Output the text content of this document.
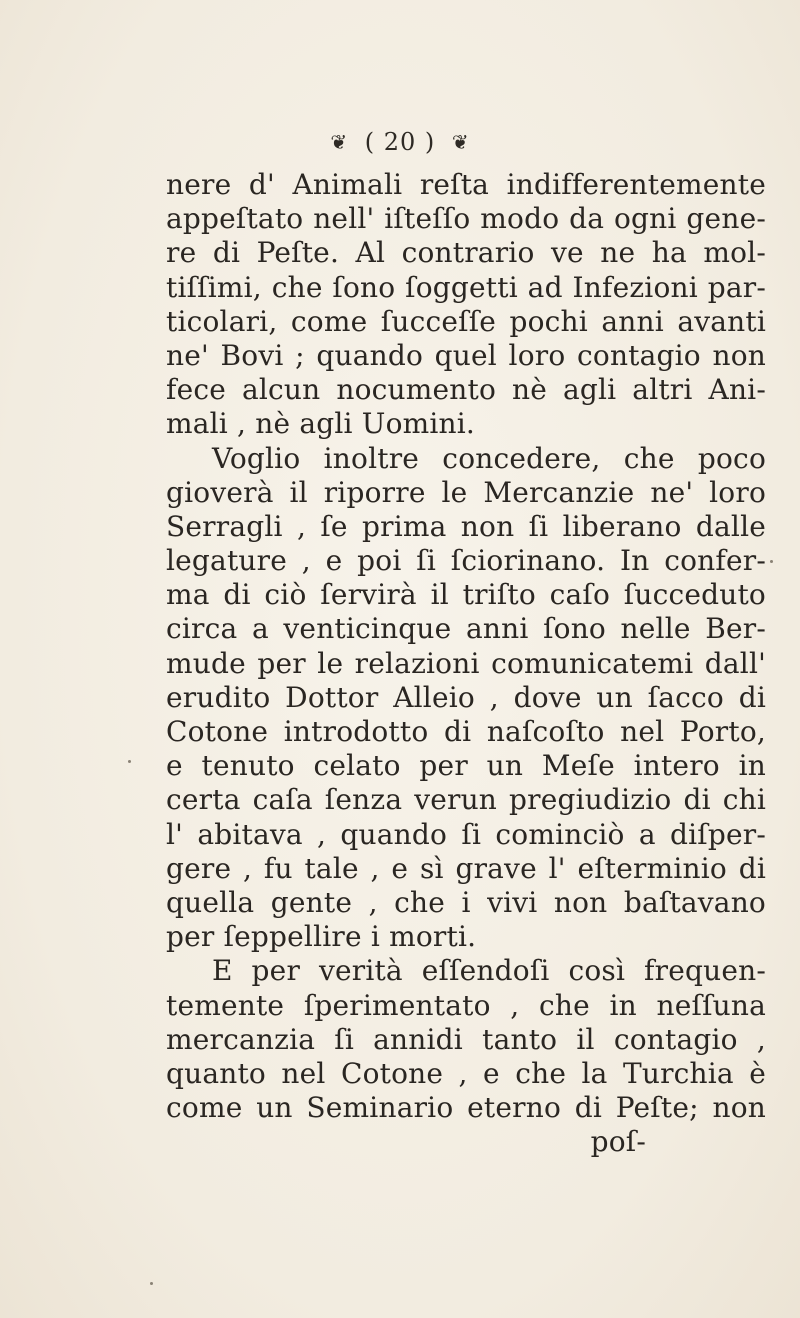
❦ ( 20 ) ❦
nere d' Animali reſta indifferentemente
appeſtato nell' iſteſſo modo da ogni gene-
re di Peſte. Al contrario ve ne ha mol-
tiſſimi, che ſono ſoggetti ad Infezioni par-
ticolari, come ſucceſſe pochi anni avanti
ne' Bovi ; quando quel loro contagio non
fece alcun nocumento nè agli altri Ani-
mali , nè agli Uomini.
Voglio inoltre concedere, che poco
gioverà il riporre le Mercanzie ne' loro
Serragli , ſe prima non ſi liberano dalle
legature , e poi ſi ſciorinano. In confer-
ma di ciò ſervirà il triſto caſo ſucceduto
circa a venticinque anni ſono nelle Ber-
mude per le relazioni comunicatemi dall'
erudito Dottor Alleio , dove un ſacco di
Cotone introdotto di naſcoſto nel Porto,
e tenuto celato per un Meſe intero in
certa caſa ſenza verun pregiudizio di chi
l' abitava , quando ſi cominciò a diſper-
gere , fu tale , e sì grave l' eſterminio di
quella gente , che i vivi non baſtavano
per ſeppellire i morti.
E per verità eſſendoſi così frequen-
temente ſperimentato , che in neſſuna
mercanzia ſi annidi tanto il contagio ,
quanto nel Cotone , e che la Turchia è
come un Seminario eterno di Peſte; non
poſ-
